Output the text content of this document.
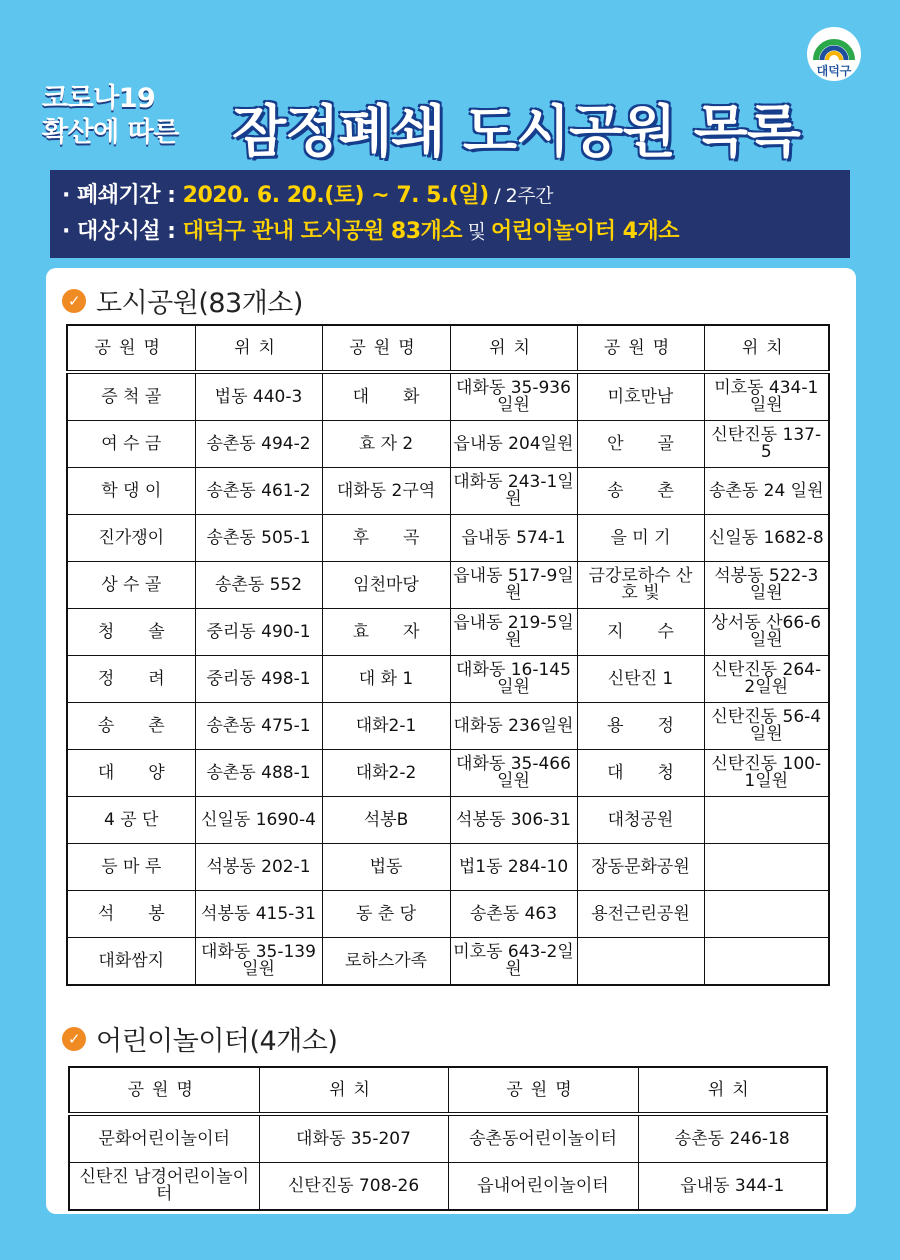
대덕구
코로나19
확산에 따른 잠정폐쇄 도시공원 목록
· 폐쇄기간 : 2020. 6. 20.(토) ~ 7. 5.(일) / 2주간
· 대상시설 : 대덕구 관내 도시공원 83개소 및 어린이놀이터 4개소
✓ 도시공원(83개소)
공원명	위치	공원명	위치	공원명	위치
증 척 골	법동 440-3	대　　화	대화동 35-936 일원	미호만남	미호동 434-1일원
여 수 금	송촌동 494-2	효 자 2	읍내동 204일원	안　　골	신탄진동 137-5
학 댕 이	송촌동 461-2	대화동 2구역	대화동 243-1일원	송　　촌	송촌동 24 일원
진가쟁이	송촌동 505-1	후　　곡	읍내동 574-1	을 미 기	신일동 1682-8
상 수 골	송촌동 552	임천마당	읍내동 517-9일원	금강로하수 산 호 빛	석봉동 522-3일원
청　　솔	중리동 490-1	효　　자	읍내동 219-5일원	지　　수	상서동 산66-6일원
정　　려	중리동 498-1	대 화 1	대화동 16-145일원	신탄진 1	신탄진동 264-2일원
송　　촌	송촌동 475-1	대화2-1	대화동 236일원	용　　정	신탄진동 56-4일원
대　　양	송촌동 488-1	대화2-2	대화동 35-466일원	대　　청	신탄진동 100-1일원
4 공 단	신일동 1690-4	석봉B	석봉동 306-31	대청공원	
등 마 루	석봉동 202-1	법동	법1동 284-10	장동문화공원	
석　　봉	석봉동 415-31	동 춘 당	송촌동 463	용전근린공원	
대화쌈지	대화동 35-139 일원	로하스가족	미호동 643-2일원		
✓ 어린이놀이터(4개소)
공원명	위치	공원명	위치
문화어린이놀이터	대화동 35-207	송촌동어린이놀이터	송촌동 246-18
신탄진 남경어린이놀이터	신탄진동 708-26	읍내어린이놀이터	읍내동 344-1
